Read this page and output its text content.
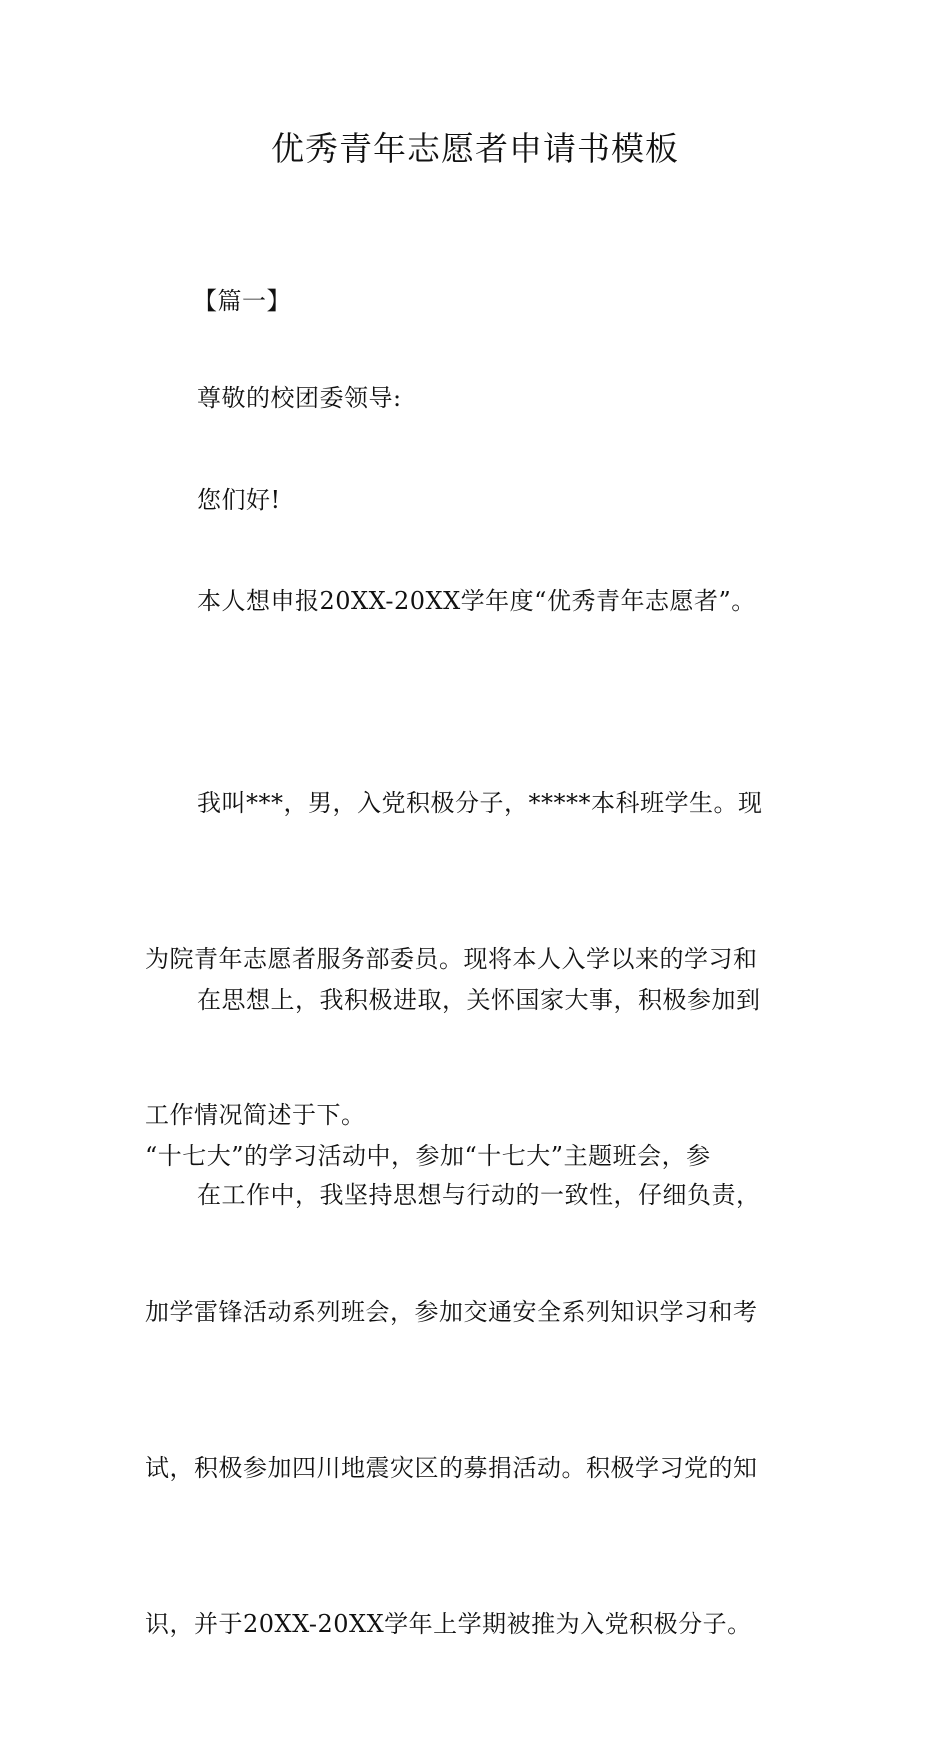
优秀青年志愿者申请书模板

【篇一】

尊敬的校团委领导:

您们好!

本人想申报20XX-20XX学年度“优秀青年志愿者”。

我叫***，男，入党积极分子，*****本科班学生。现

为院青年志愿者服务部委员。现将本人入学以来的学习和

工作情况简述于下。

在思想上，我积极进取，关怀国家大事，积极参加到

“十七大”的学习活动中，参加“十七大”主题班会，参

加学雷锋活动系列班会，参加交通安全系列知识学习和考

试，积极参加四川地震灾区的募捐活动。积极学习党的知

识，并于20XX-20XX学年上学期被推为入党积极分子。

在工作中，我坚持思想与行动的一致性，仔细负责，
